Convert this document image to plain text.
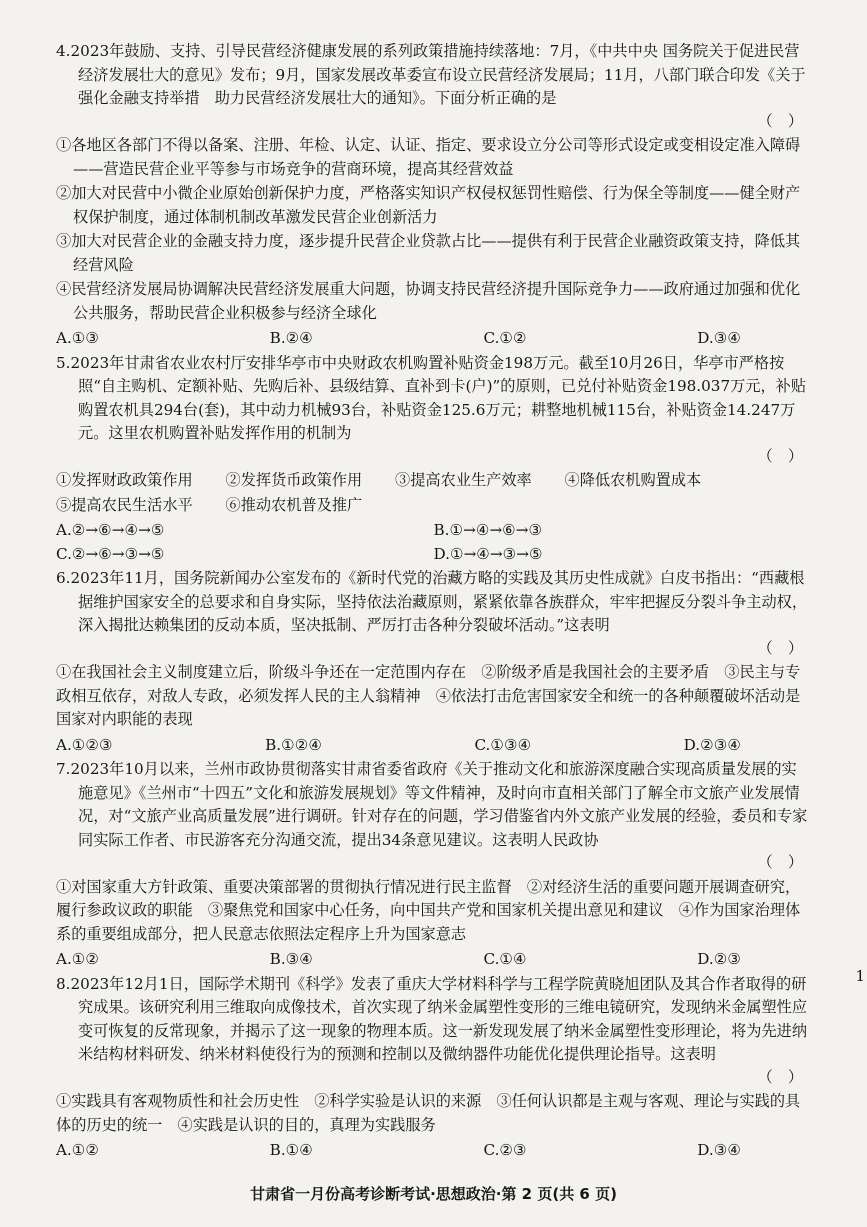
4.2023年鼓励、支持、引导民营经济健康发展的系列政策措施持续落地：7月，《中共中央 国务院关于促进民营经济发展壮大的意见》发布；9月，国家发展改革委宣布设立民营经济发展局；11月，八部门联合印发《关于强化金融支持举措　助力民营经济发展壮大的通知》。下面分析正确的是
（　）
①各地区各部门不得以备案、注册、年检、认定、认证、指定、要求设立分公司等形式设定或变相设定准入障碍——营造民营企业平等参与市场竞争的营商环境，提高其经营效益
②加大对民营中小微企业原始创新保护力度，严格落实知识产权侵权惩罚性赔偿、行为保全等制度——健全财产权保护制度，通过体制机制改革激发民营企业创新活力
③加大对民营企业的金融支持力度，逐步提升民营企业贷款占比——提供有利于民营企业融资政策支持，降低其经营风险
④民营经济发展局协调解决民营经济发展重大问题，协调支持民营经济提升国际竞争力——政府通过加强和优化公共服务，帮助民营企业积极参与经济全球化
A.①③	B.②④	C.①②	D.③④
5.2023年甘肃省农业农村厅安排华亭市中央财政农机购置补贴资金198万元。截至10月26日，华亭市严格按照“自主购机、定额补贴、先购后补、县级结算、直补到卡(户)”的原则，已兑付补贴资金198.037万元，补贴购置农机具294台(套)，其中动力机械93台，补贴资金125.6万元；耕整地机械115台，补贴资金14.247万元。这里农机购置补贴发挥作用的机制为
（　）
①发挥财政政策作用 ②发挥货币政策作用 ③提高农业生产效率 ④降低农机购置成本
⑤提高农民生活水平 ⑥推动农机普及推广
A.②→⑥→④→⑤	B.①→④→⑥→③
C.②→⑥→③→⑤	D.①→④→③→⑤
6.2023年11月，国务院新闻办公室发布的《新时代党的治藏方略的实践及其历史性成就》白皮书指出：“西藏根据维护国家安全的总要求和自身实际，坚持依法治藏原则，紧紧依靠各族群众，牢牢把握反分裂斗争主动权，深入揭批达赖集团的反动本质，坚决抵制、严厉打击各种分裂破坏活动。”这表明
（　）
①在我国社会主义制度建立后，阶级斗争还在一定范围内存在　②阶级矛盾是我国社会的主要矛盾　③民主与专政相互依存，对敌人专政，必须发挥人民的主人翁精神　④依法打击危害国家安全和统一的各种颠覆破坏活动是国家对内职能的表现
A.①②③	B.①②④	C.①③④	D.②③④
7.2023年10月以来，兰州市政协贯彻落实甘肃省委省政府《关于推动文化和旅游深度融合实现高质量发展的实施意见》《兰州市“十四五”文化和旅游发展规划》等文件精神，及时向市直相关部门了解全市文旅产业发展情况，对“文旅产业高质量发展”进行调研。针对存在的问题，学习借鉴省内外文旅产业发展的经验，委员和专家同实际工作者、市民游客充分沟通交流，提出34条意见建议。这表明人民政协
（　）
①对国家重大方针政策、重要决策部署的贯彻执行情况进行民主监督　②对经济生活的重要问题开展调查研究，履行参政议政的职能　③聚焦党和国家中心任务，向中国共产党和国家机关提出意见和建议　④作为国家治理体系的重要组成部分，把人民意志依照法定程序上升为国家意志
A.①②	B.③④	C.①④	D.②③
8.2023年12月1日，国际学术期刊《科学》发表了重庆大学材料科学与工程学院黄晓旭团队及其合作者取得的研究成果。该研究利用三维取向成像技术，首次实现了纳米金属塑性变形的三维电镜研究，发现纳米金属塑性应变可恢复的反常现象，并揭示了这一现象的物理本质。这一新发现发展了纳米金属塑性变形理论，将为先进纳米结构材料研发、纳米材料使役行为的预测和控制以及微纳器件功能优化提供理论指导。这表明
（　）
①实践具有客观物质性和社会历史性　②科学实验是认识的来源　③任何认识都是主观与客观、理论与实践的具体的历史的统一　④实践是认识的目的，真理为实践服务
A.①②	B.①④	C.②③	D.③④
1
甘肃省一月份高考诊断考试·思想政治·第 2 页(共 6 页)
